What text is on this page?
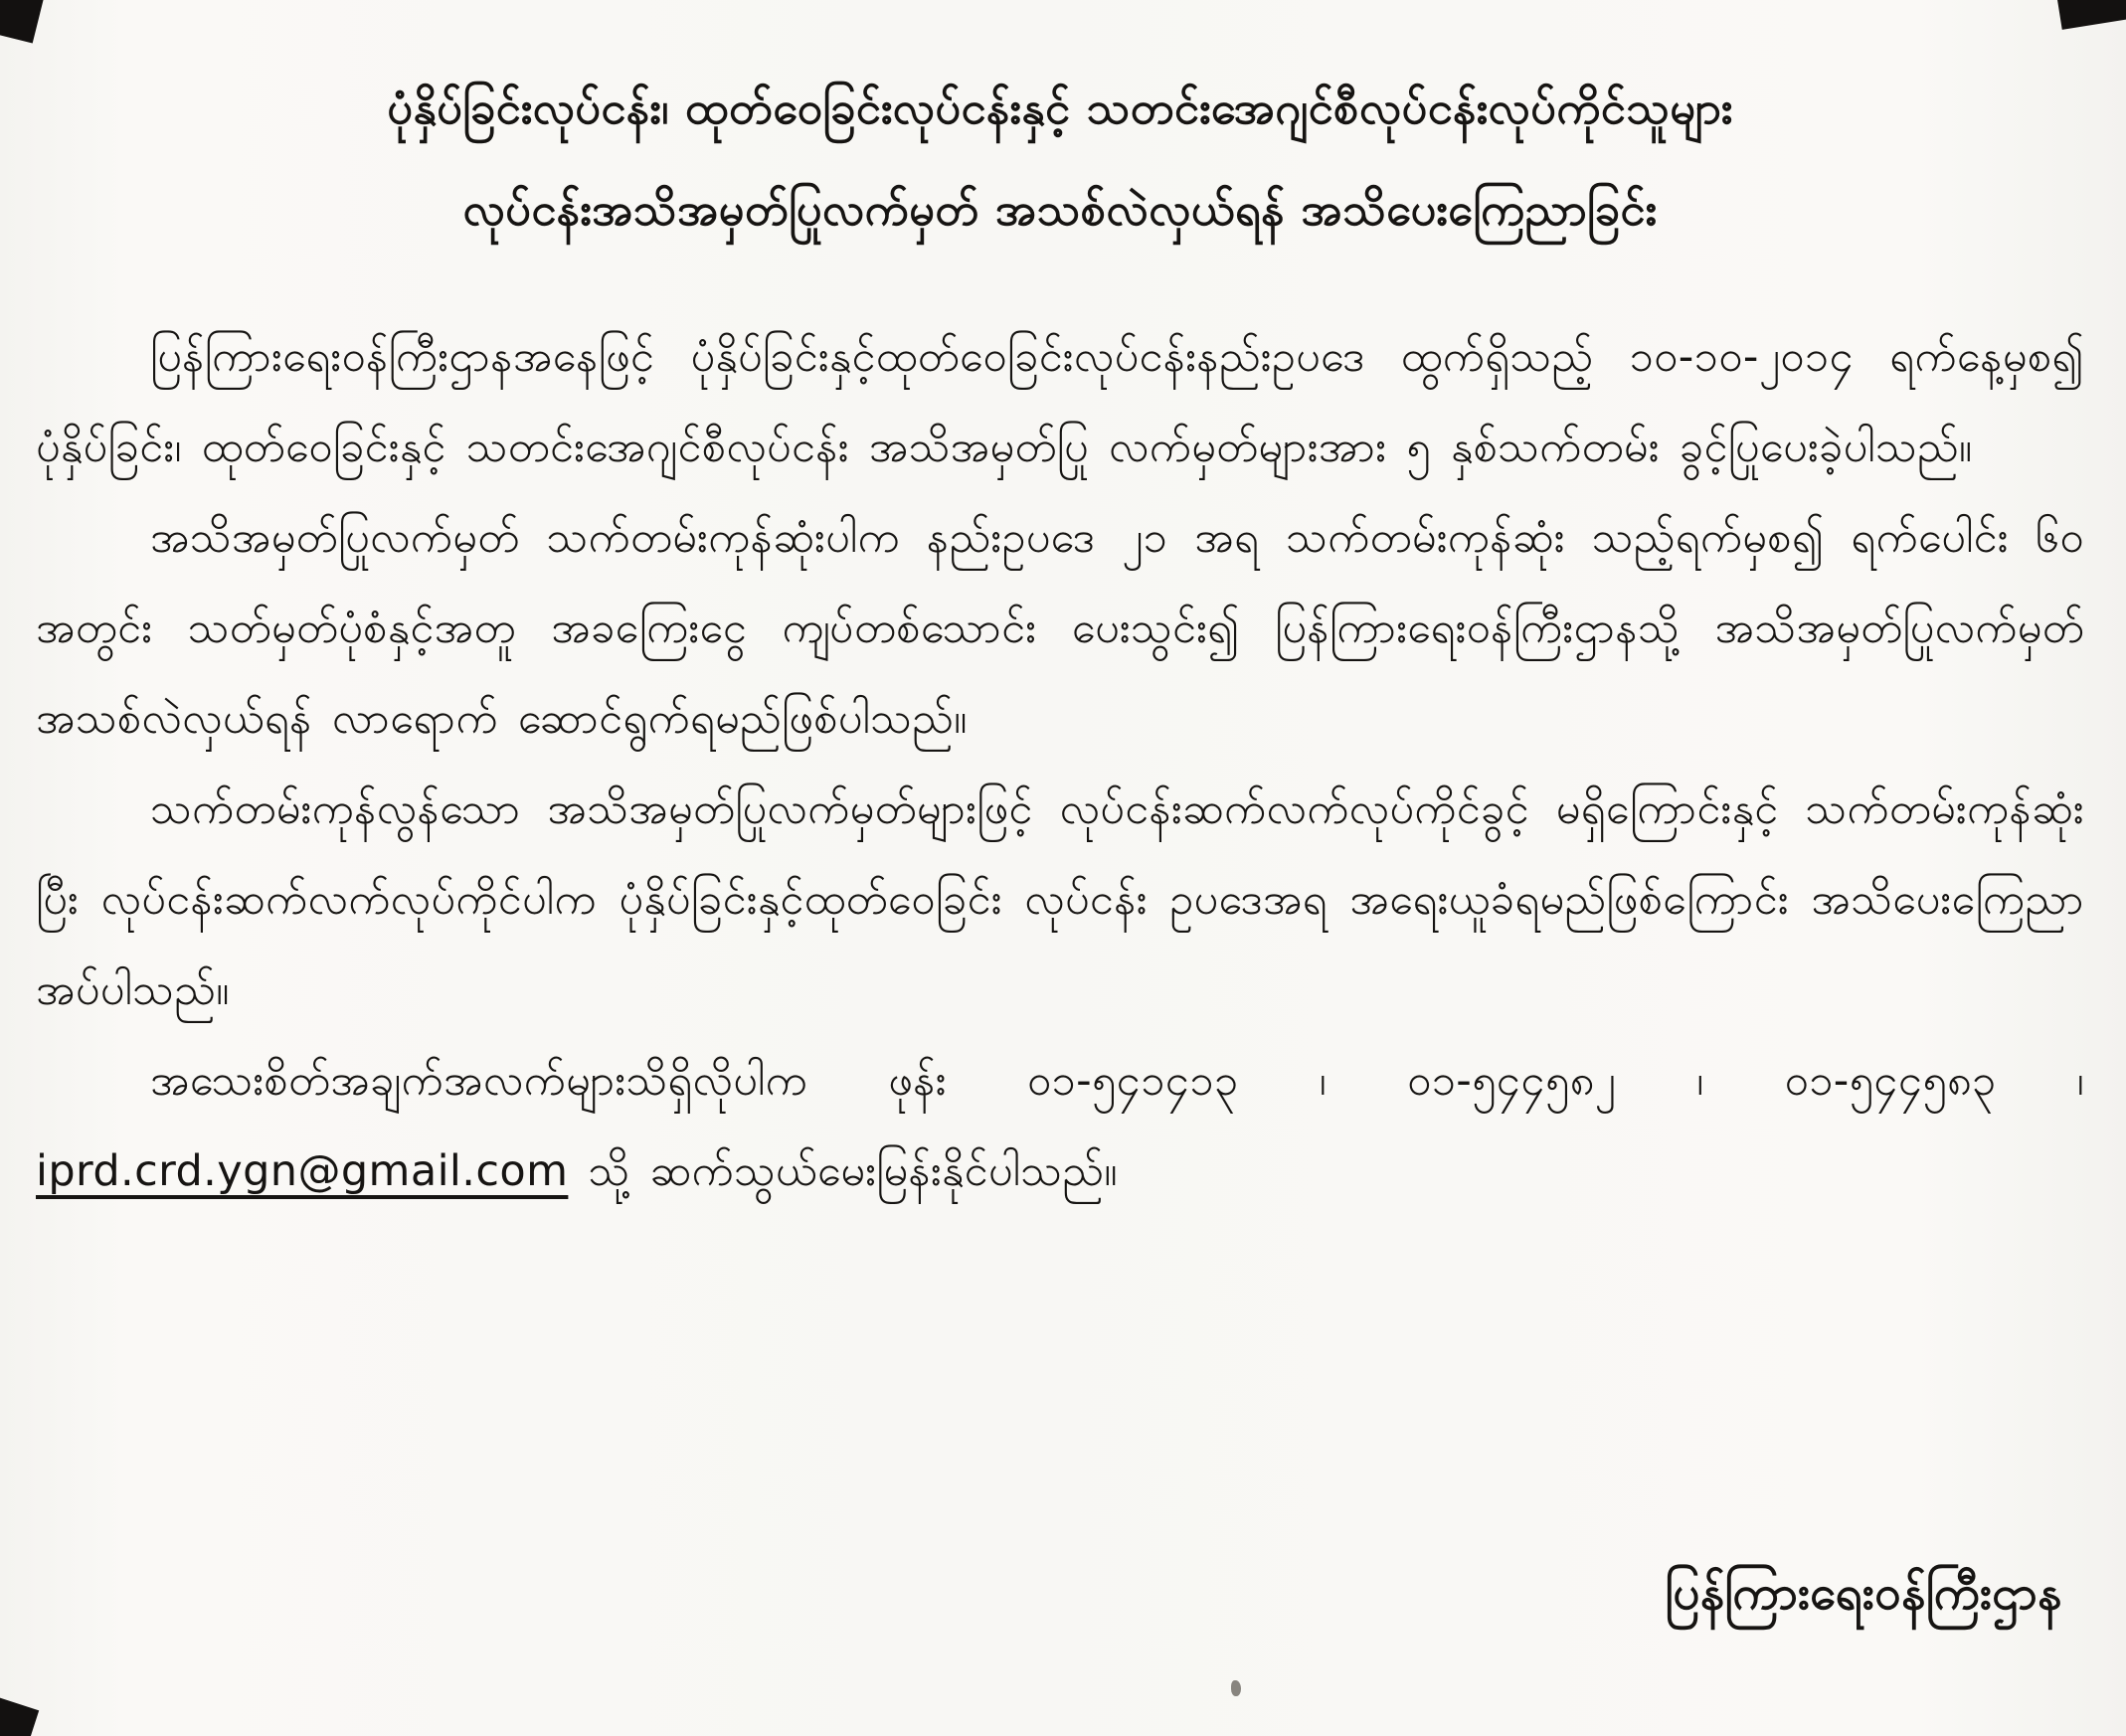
ပုံနှိပ်ခြင်းလုပ်ငန်း၊ ထုတ်ဝေခြင်းလုပ်ငန်းနှင့် သတင်းအေဂျင်စီလုပ်ငန်းလုပ်ကိုင်သူများ
လုပ်ငန်းအသိအမှတ်ပြုလက်မှတ် အသစ်လဲလှယ်ရန် အသိပေးကြေညာခြင်း

ပြန်ကြားရေးဝန်ကြီးဌာနအနေဖြင့် ပုံနှိပ်ခြင်းနှင့်ထုတ်ဝေခြင်းလုပ်ငန်းနည်းဥပဒေ ထွက်ရှိသည့် ၁၀-၁၀-၂၀၁၄ ရက်နေ့မှစ၍ ပုံနှိပ်ခြင်း၊ ထုတ်ဝေခြင်းနှင့် သတင်းအေဂျင်စီလုပ်ငန်း အသိအမှတ်ပြု လက်မှတ်များအား ၅ နှစ်သက်တမ်း ခွင့်ပြုပေးခဲ့ပါသည်။

အသိအမှတ်ပြုလက်မှတ် သက်တမ်းကုန်ဆုံးပါက နည်းဥပဒေ ၂၁ အရ သက်တမ်းကုန်ဆုံး သည့်ရက်မှစ၍ ရက်ပေါင်း ၆၀ အတွင်း သတ်မှတ်ပုံစံနှင့်အတူ အခကြေးငွေ ကျပ်တစ်သောင်း ပေးသွင်း၍ ပြန်ကြားရေးဝန်ကြီးဌာနသို့ အသိအမှတ်ပြုလက်မှတ် အသစ်လဲလှယ်ရန် လာရောက် ဆောင်ရွက်ရမည်ဖြစ်ပါသည်။

သက်တမ်းကုန်လွန်သော အသိအမှတ်ပြုလက်မှတ်များဖြင့် လုပ်ငန်းဆက်လက်လုပ်ကိုင်ခွင့် မရှိကြောင်းနှင့် သက်တမ်းကုန်ဆုံးပြီး လုပ်ငန်းဆက်လက်လုပ်ကိုင်ပါက ပုံနှိပ်ခြင်းနှင့်ထုတ်ဝေခြင်း လုပ်ငန်း ဥပဒေအရ အရေးယူခံရမည်ဖြစ်ကြောင်း အသိပေးကြေညာအပ်ပါသည်။

အသေးစိတ်အချက်အလက်များသိရှိလိုပါက ဖုန်း ၀၁-၅၄၁၄၁၃ ၊ ၀၁-၅၄၄၅၈၂ ၊ ၀၁-၅၄၄၅၈၃ ၊ iprd.crd.ygn@gmail.com သို့ ဆက်သွယ်မေးမြန်းနိုင်ပါသည်။

ပြန်ကြားရေးဝန်ကြီးဌာန
